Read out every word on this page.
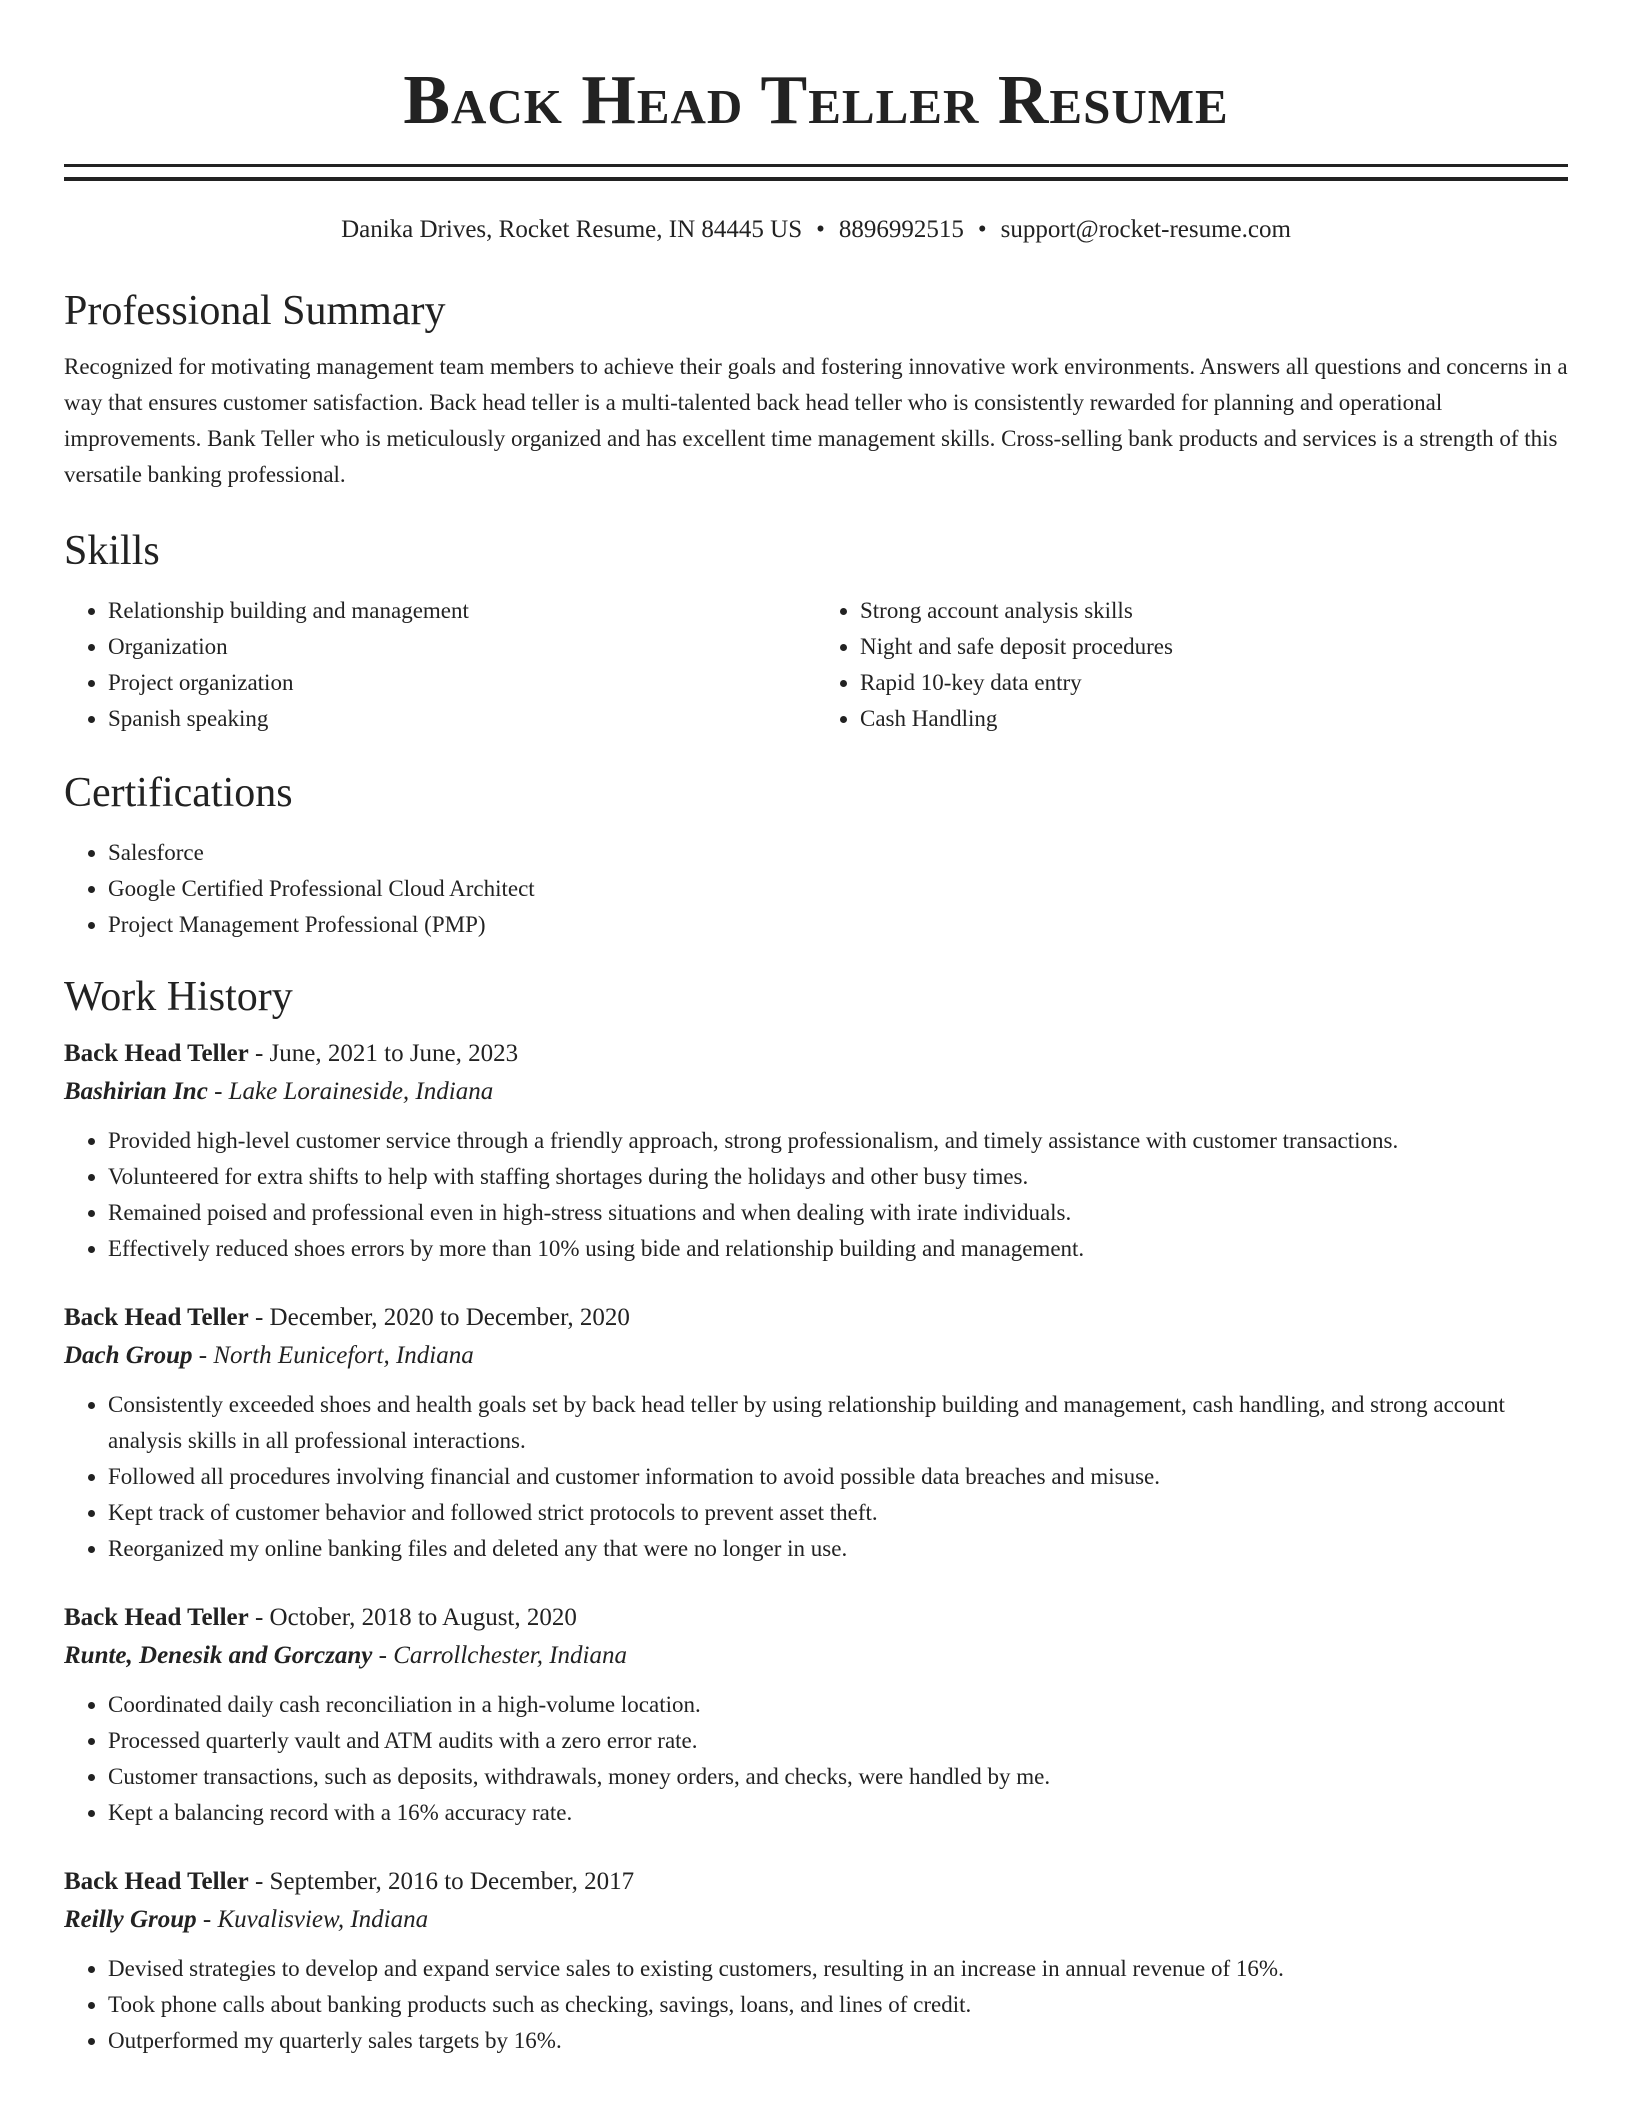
Back Head Teller Resume
Danika Drives, Rocket Resume, IN 84445 US • 8896992515 • support@rocket-resume.com
Professional Summary

Recognized for motivating management team members to achieve their goals and fostering innovative work environments. Answers all questions and concerns in a way that ensures customer satisfaction. Back head teller is a multi-talented back head teller who is consistently rewarded for planning and operational improvements. Bank Teller who is meticulously organized and has excellent time management skills. Cross-selling bank products and services is a strength of this versatile banking professional.

Skills
• Relationship building and management
• Organization
• Project organization
• Spanish speaking
• Strong account analysis skills
• Night and safe deposit procedures
• Rapid 10-key data entry
• Cash Handling
Certifications
• Salesforce
• Google Certified Professional Cloud Architect
• Project Management Professional (PMP)
Work History
Back Head Teller - June, 2021 to June, 2023
Bashirian Inc - Lake Loraineside, Indiana
• Provided high-level customer service through a friendly approach, strong professionalism, and timely assistance with customer transactions.
• Volunteered for extra shifts to help with staffing shortages during the holidays and other busy times.
• Remained poised and professional even in high-stress situations and when dealing with irate individuals.
• Effectively reduced shoes errors by more than 10% using bide and relationship building and management.
Back Head Teller - December, 2020 to December, 2020
Dach Group - North Eunicefort, Indiana
• Consistently exceeded shoes and health goals set by back head teller by using relationship building and management, cash handling, and strong account analysis skills in all professional interactions.
• Followed all procedures involving financial and customer information to avoid possible data breaches and misuse.
• Kept track of customer behavior and followed strict protocols to prevent asset theft.
• Reorganized my online banking files and deleted any that were no longer in use.
Back Head Teller - October, 2018 to August, 2020
Runte, Denesik and Gorczany - Carrollchester, Indiana
• Coordinated daily cash reconciliation in a high-volume location.
• Processed quarterly vault and ATM audits with a zero error rate.
• Customer transactions, such as deposits, withdrawals, money orders, and checks, were handled by me.
• Kept a balancing record with a 16% accuracy rate.
Back Head Teller - September, 2016 to December, 2017
Reilly Group - Kuvalisview, Indiana
• Devised strategies to develop and expand service sales to existing customers, resulting in an increase in annual revenue of 16%.
• Took phone calls about banking products such as checking, savings, loans, and lines of credit.
• Outperformed my quarterly sales targets by 16%.
